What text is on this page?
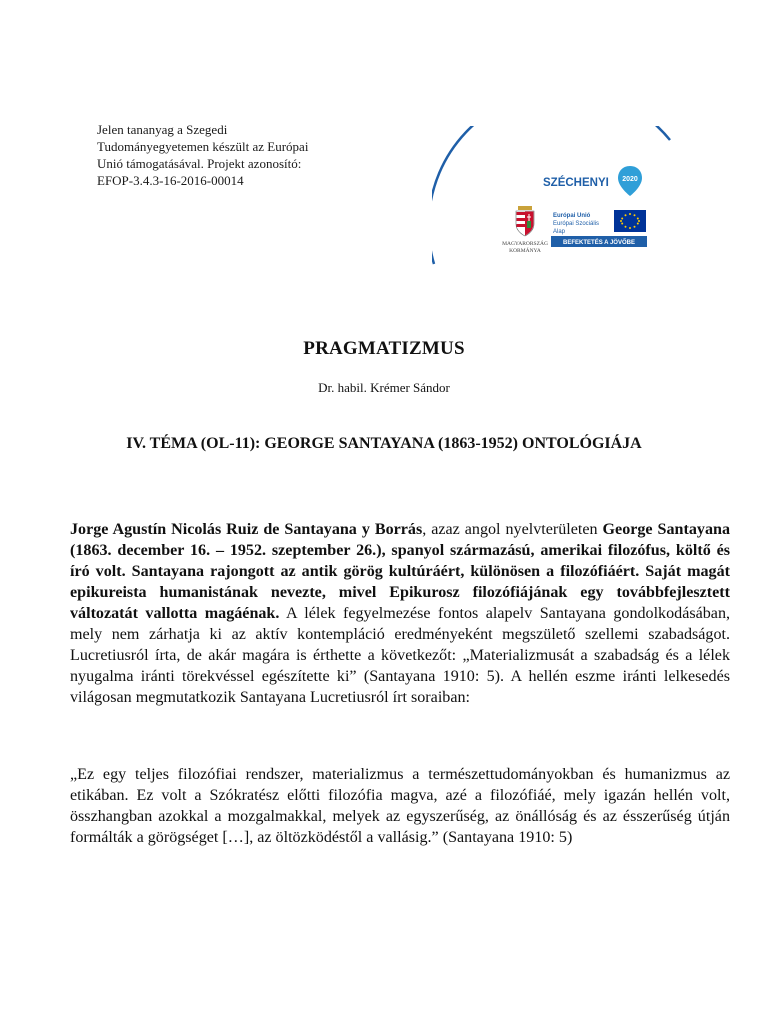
Jelen tananyag a Szegedi
Tudományegyetemen készült az Európai
Unió támogatásával. Projekt azonosító:
EFOP-3.4.3-16-2016-00014	SZÉCHENYI 2020
MAGYARORSZÁG
KORMÁNYA
Európai Unió
Európai Szociális
Alap
BEFEKTETÉS A JÖVŐBE
PRAGMATIZMUS
Dr. habil. Krémer Sándor
IV. TÉMA (OL-11): GEORGE SANTAYANA (1863-1952) ONTOLÓGIÁJA

Jorge Agustín Nicolás Ruiz de Santayana y Borrás, azaz angol nyelvterületen George Santayana (1863. december 16. – 1952. szeptember 26.), spanyol származású, amerikai filozófus, költő és író volt. Santayana rajongott az antik görög kultúráért, különösen a filozófiáért. Saját magát epikureista humanistának nevezte, mivel Epikurosz filozófiájának egy továbbfejlesztett változatát vallotta magáénak. A lélek fegyelmezése fontos alapelv Santayana gondolkodásában, mely nem zárhatja ki az aktív kontempláció eredményeként megszülető szellemi szabadságot. Lucretiusról írta, de akár magára is érthette a következőt: „Materializmusát a szabadság és a lélek nyugalma iránti törekvéssel egészítette ki” (Santayana 1910: 5). A hellén eszme iránti lelkesedés világosan megmutatkozik Santayana Lucretiusról írt soraiban:

„Ez egy teljes filozófiai rendszer, materializmus a természettudományokban és humanizmus az etikában. Ez volt a Szókratész előtti filozófia magva, azé a filozófiáé, mely igazán hellén volt, összhangban azokkal a mozgalmakkal, melyek az egyszerűség, az önállóság és az ésszerűség útján formálták a görögséget […], az öltözködéstől a vallásig.” (Santayana 1910: 5)
